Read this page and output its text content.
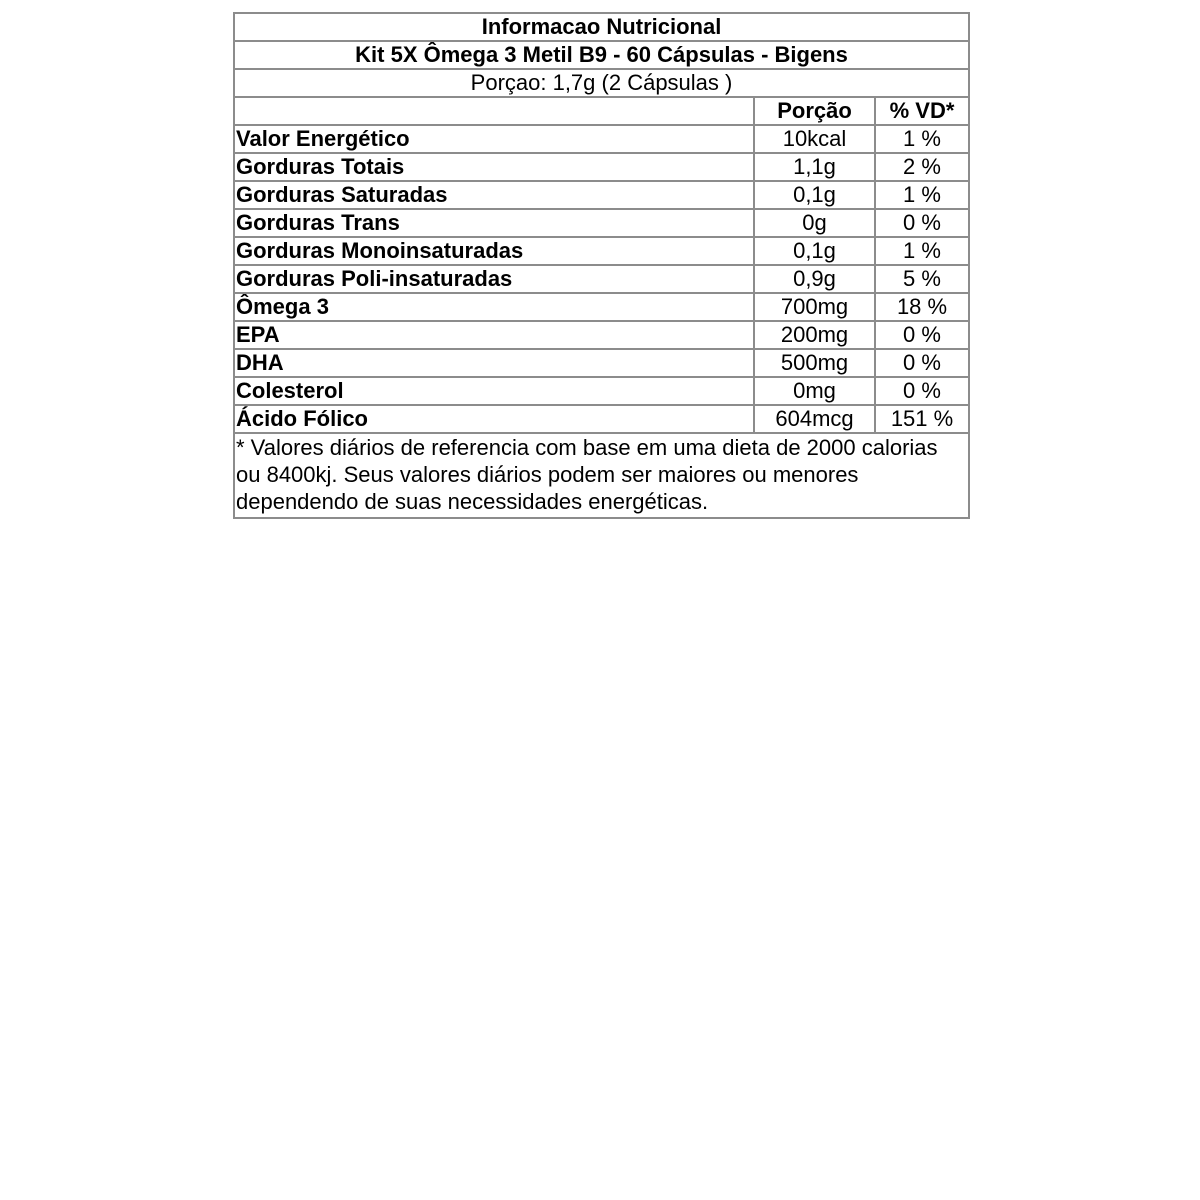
Informacao Nutricional		
Kit 5X Ômega 3 Metil B9 - 60 Cápsulas - Bigens		
Porçao: 1,7g (2 Cápsulas )		
	Porção	% VD*
Valor Energético	10kcal	1 %
Gorduras Totais	1,1g	2 %
Gorduras Saturadas	0,1g	1 %
Gorduras Trans	0g	0 %
Gorduras Monoinsaturadas	0,1g	1 %
Gorduras Poli-insaturadas	0,9g	5 %
Ômega 3	700mg	18 %
EPA	200mg	0 %
DHA	500mg	0 %
Colesterol	0mg	0 %
Ácido Fólico	604mcg	151 %
* Valores diários de referencia com base em uma dieta de 2000 calorias ou 8400kj. Seus valores diários podem ser maiores ou menores dependendo de suas necessidades energéticas.		
